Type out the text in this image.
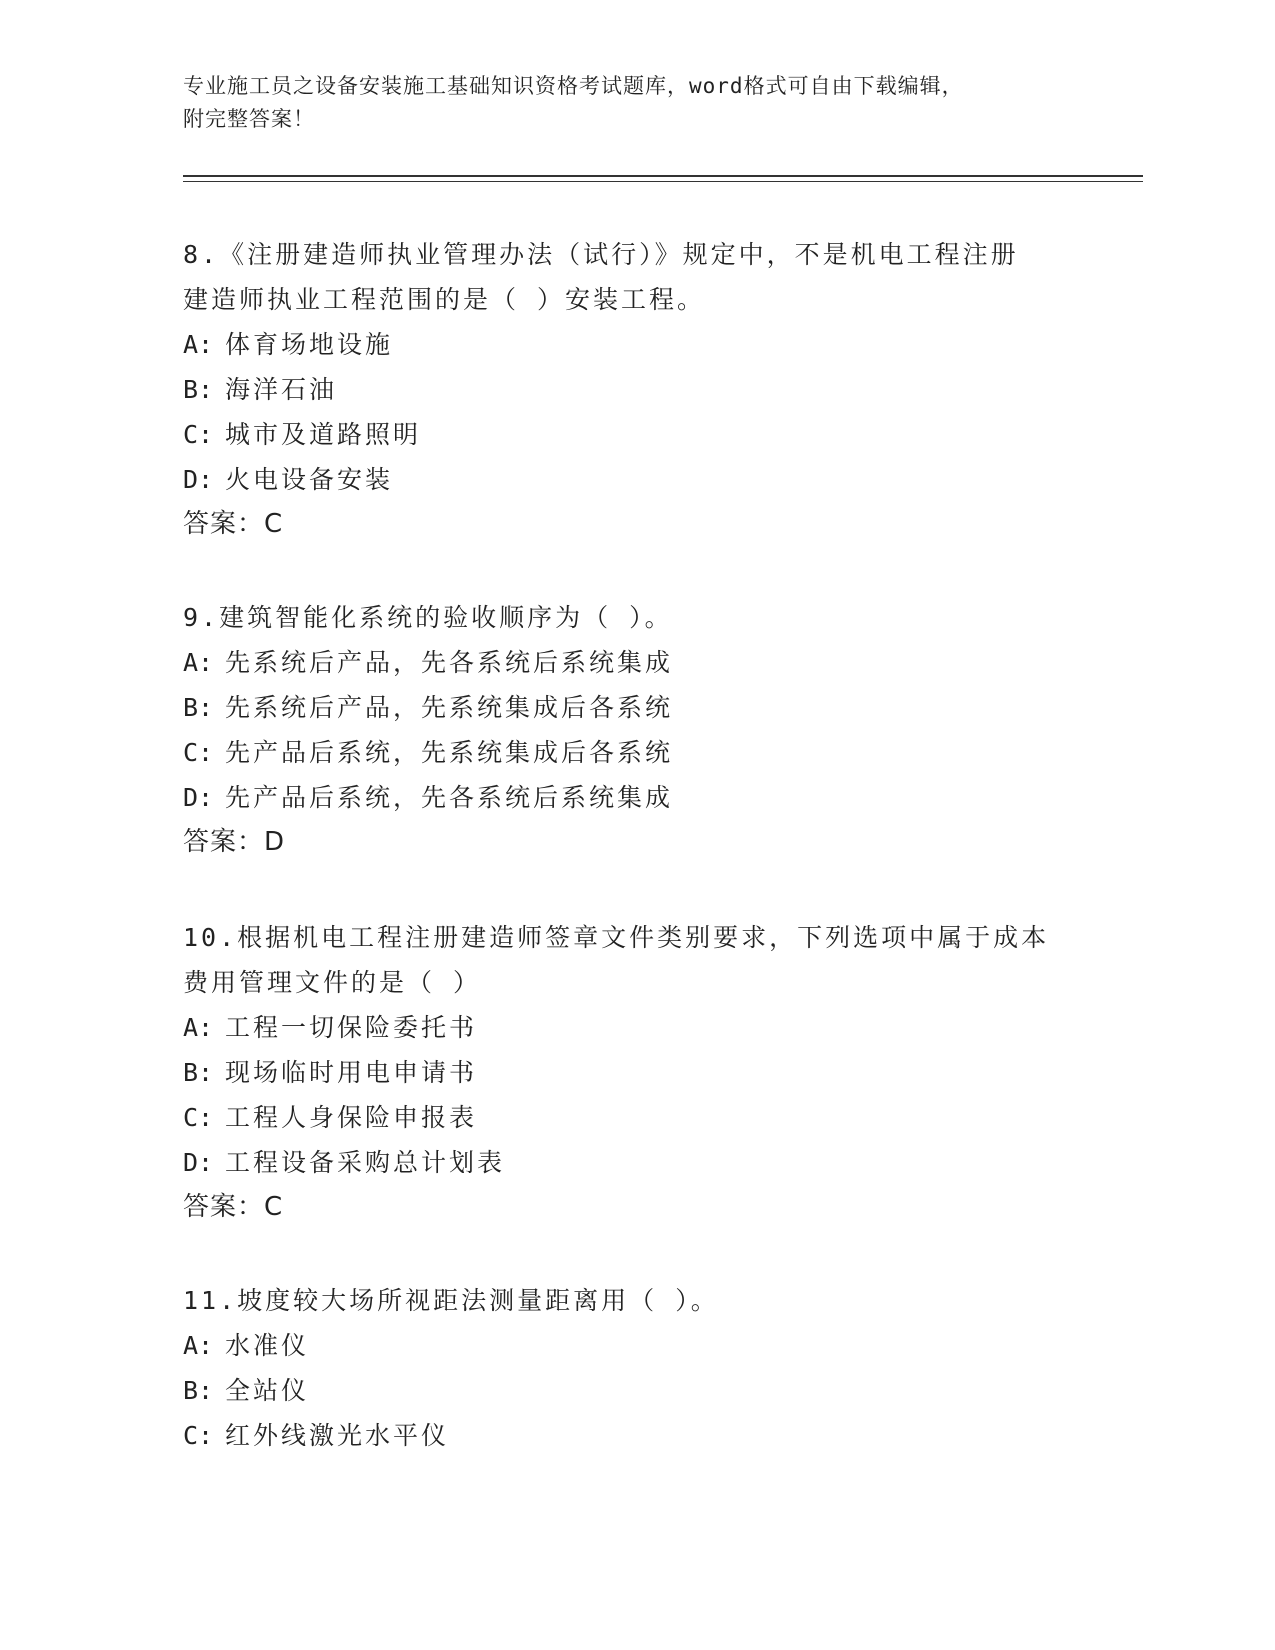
专业施工员之设备安装施工基础知识资格考试题库，word格式可自由下载编辑，
附完整答案！
8.《注册建造师执业管理办法（试行）》规定中，不是机电工程注册
建造师执业工程范围的是（ ）安装工程。
A: 体育场地设施
B: 海洋石油
C: 城市及道路照明
D: 火电设备安装
答案：C
9.建筑智能化系统的验收顺序为（ ）。
A: 先系统后产品，先各系统后系统集成
B: 先系统后产品，先系统集成后各系统
C: 先产品后系统，先系统集成后各系统
D: 先产品后系统，先各系统后系统集成
答案：D
10.根据机电工程注册建造师签章文件类别要求，下列选项中属于成本
费用管理文件的是（ ）
A: 工程一切保险委托书
B: 现场临时用电申请书
C: 工程人身保险申报表
D: 工程设备采购总计划表
答案：C
11.坡度较大场所视距法测量距离用（ ）。
A: 水准仪
B: 全站仪
C: 红外线激光水平仪
